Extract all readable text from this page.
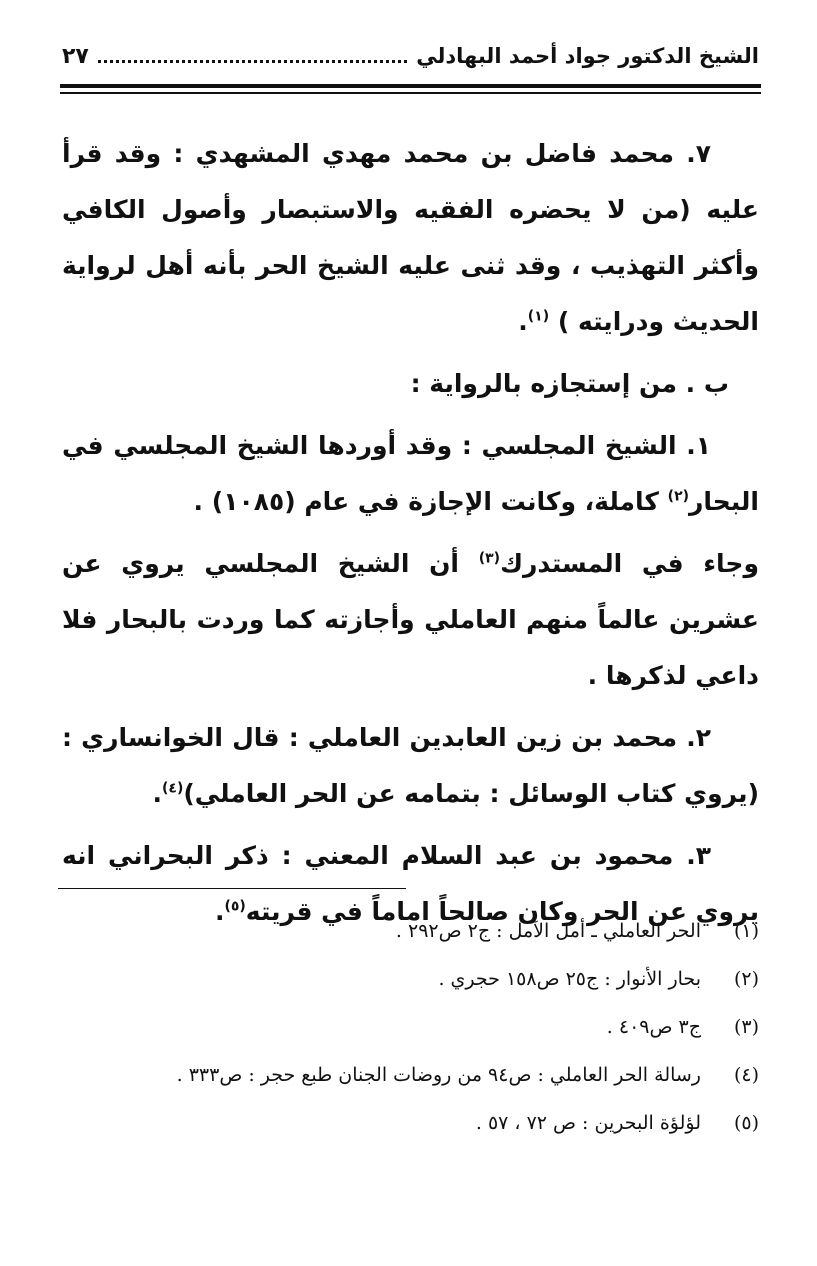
الشيخ الدكتور جواد أحمد البهادلي
٢٧

٧. محمد فاضل بن محمد مهدي المشهدي : وقد قرأ عليه (من لا يحضره الفقيه والاستبصار وأصول الكافي وأكثر التهذيب ، وقد ثنى عليه الشيخ الحر بأنه أهل لرواية الحديث ودرايته ) $^{(١)}$.

ب . من إستجازه بالرواية :

١. الشيخ المجلسي : وقد أوردها الشيخ المجلسي في البحار$^{(٢)}$ كاملة، وكانت الإجازة في عام (١٠٨٥) .

وجاء في المستدرك$^{(٣)}$ أن الشيخ المجلسي يروي عن عشرين عالماً منهم العاملي وأجازته كما وردت بالبحار فلا داعي لذكرها .

٢. محمد بن زين العابدين العاملي : قال الخوانساري : (يروي كتاب الوسائل : بتمامه عن الحر العاملي)$^{(٤)}$.

٣. محمود بن عبد السلام المعني : ذكر البحراني انه يروي عن الحر وكان صالحاً اماماً في قريته$^{(٥)}$.

(١)
الحر العاملي ـ أمل الآمل : ج٢ ص٢٩٢ .
(٢)
بحار الأنوار : ج٢٥ ص١٥٨ حجري .
(٣)
ج٣ ص٤٠٩ .
(٤)
رسالة الحر العاملي : ص٩٤ من روضات الجنان طبع حجر : ص٣٣٣ .
(٥)
لؤلؤة البحرين : ص ٧٢ ، ٥٧ .
